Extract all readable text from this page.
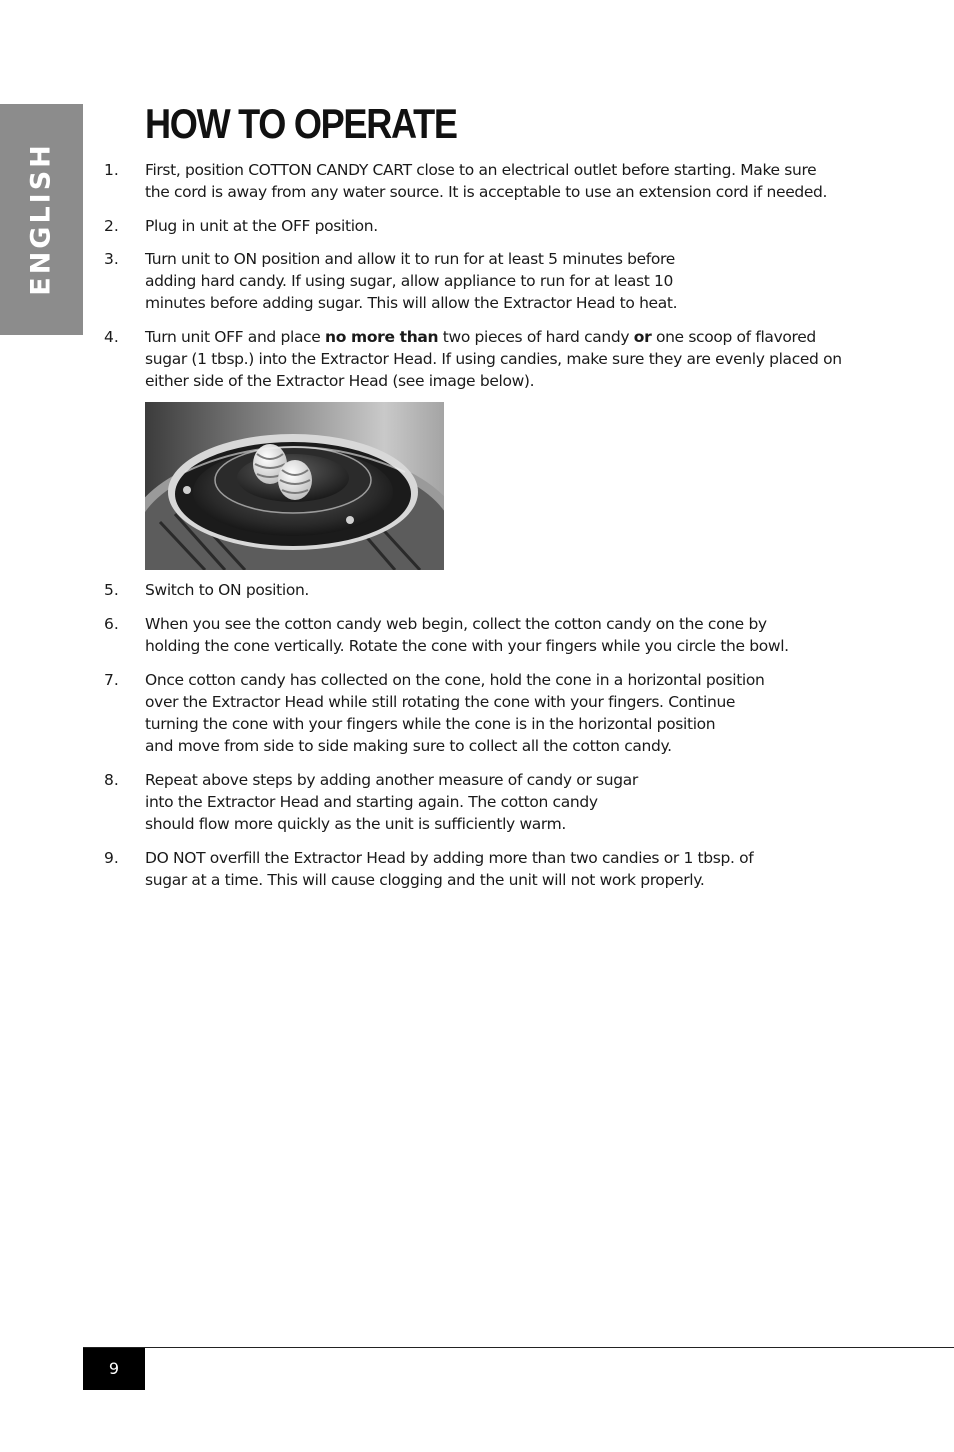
ENGLISH
HOW TO OPERATE
1. First, position COTTON CANDY CART close to an electrical outlet before starting. Make sure
the cord is away from any water source. It is acceptable to use an extension cord if needed.
2. Plug in unit at the OFF position.
3. Turn unit to ON position and allow it to run for at least 5 minutes before
adding hard candy. If using sugar, allow appliance to run for at least 10
minutes before adding sugar. This will allow the Extractor Head to heat.
4. Turn unit OFF and place no more than two pieces of hard candy or one scoop of flavored
sugar (1 tbsp.) into the Extractor Head. If using candies, make sure they are evenly placed on
either side of the Extractor Head (see image below).
5. Switch to ON position.
6. When you see the cotton candy web begin, collect the cotton candy on the cone by
holding the cone vertically. Rotate the cone with your fingers while you circle the bowl.
7. Once cotton candy has collected on the cone, hold the cone in a horizontal position
over the Extractor Head while still rotating the cone with your fingers. Continue
turning the cone with your fingers while the cone is in the horizontal position
and move from side to side making sure to collect all the cotton candy.
8. Repeat above steps by adding another measure of candy or sugar
into the Extractor Head and starting again. The cotton candy
should flow more quickly as the unit is sufficiently warm.
9. DO NOT overfill the Extractor Head by adding more than two candies or 1 tbsp. of
sugar at a time. This will cause clogging and the unit will not work properly.
9
